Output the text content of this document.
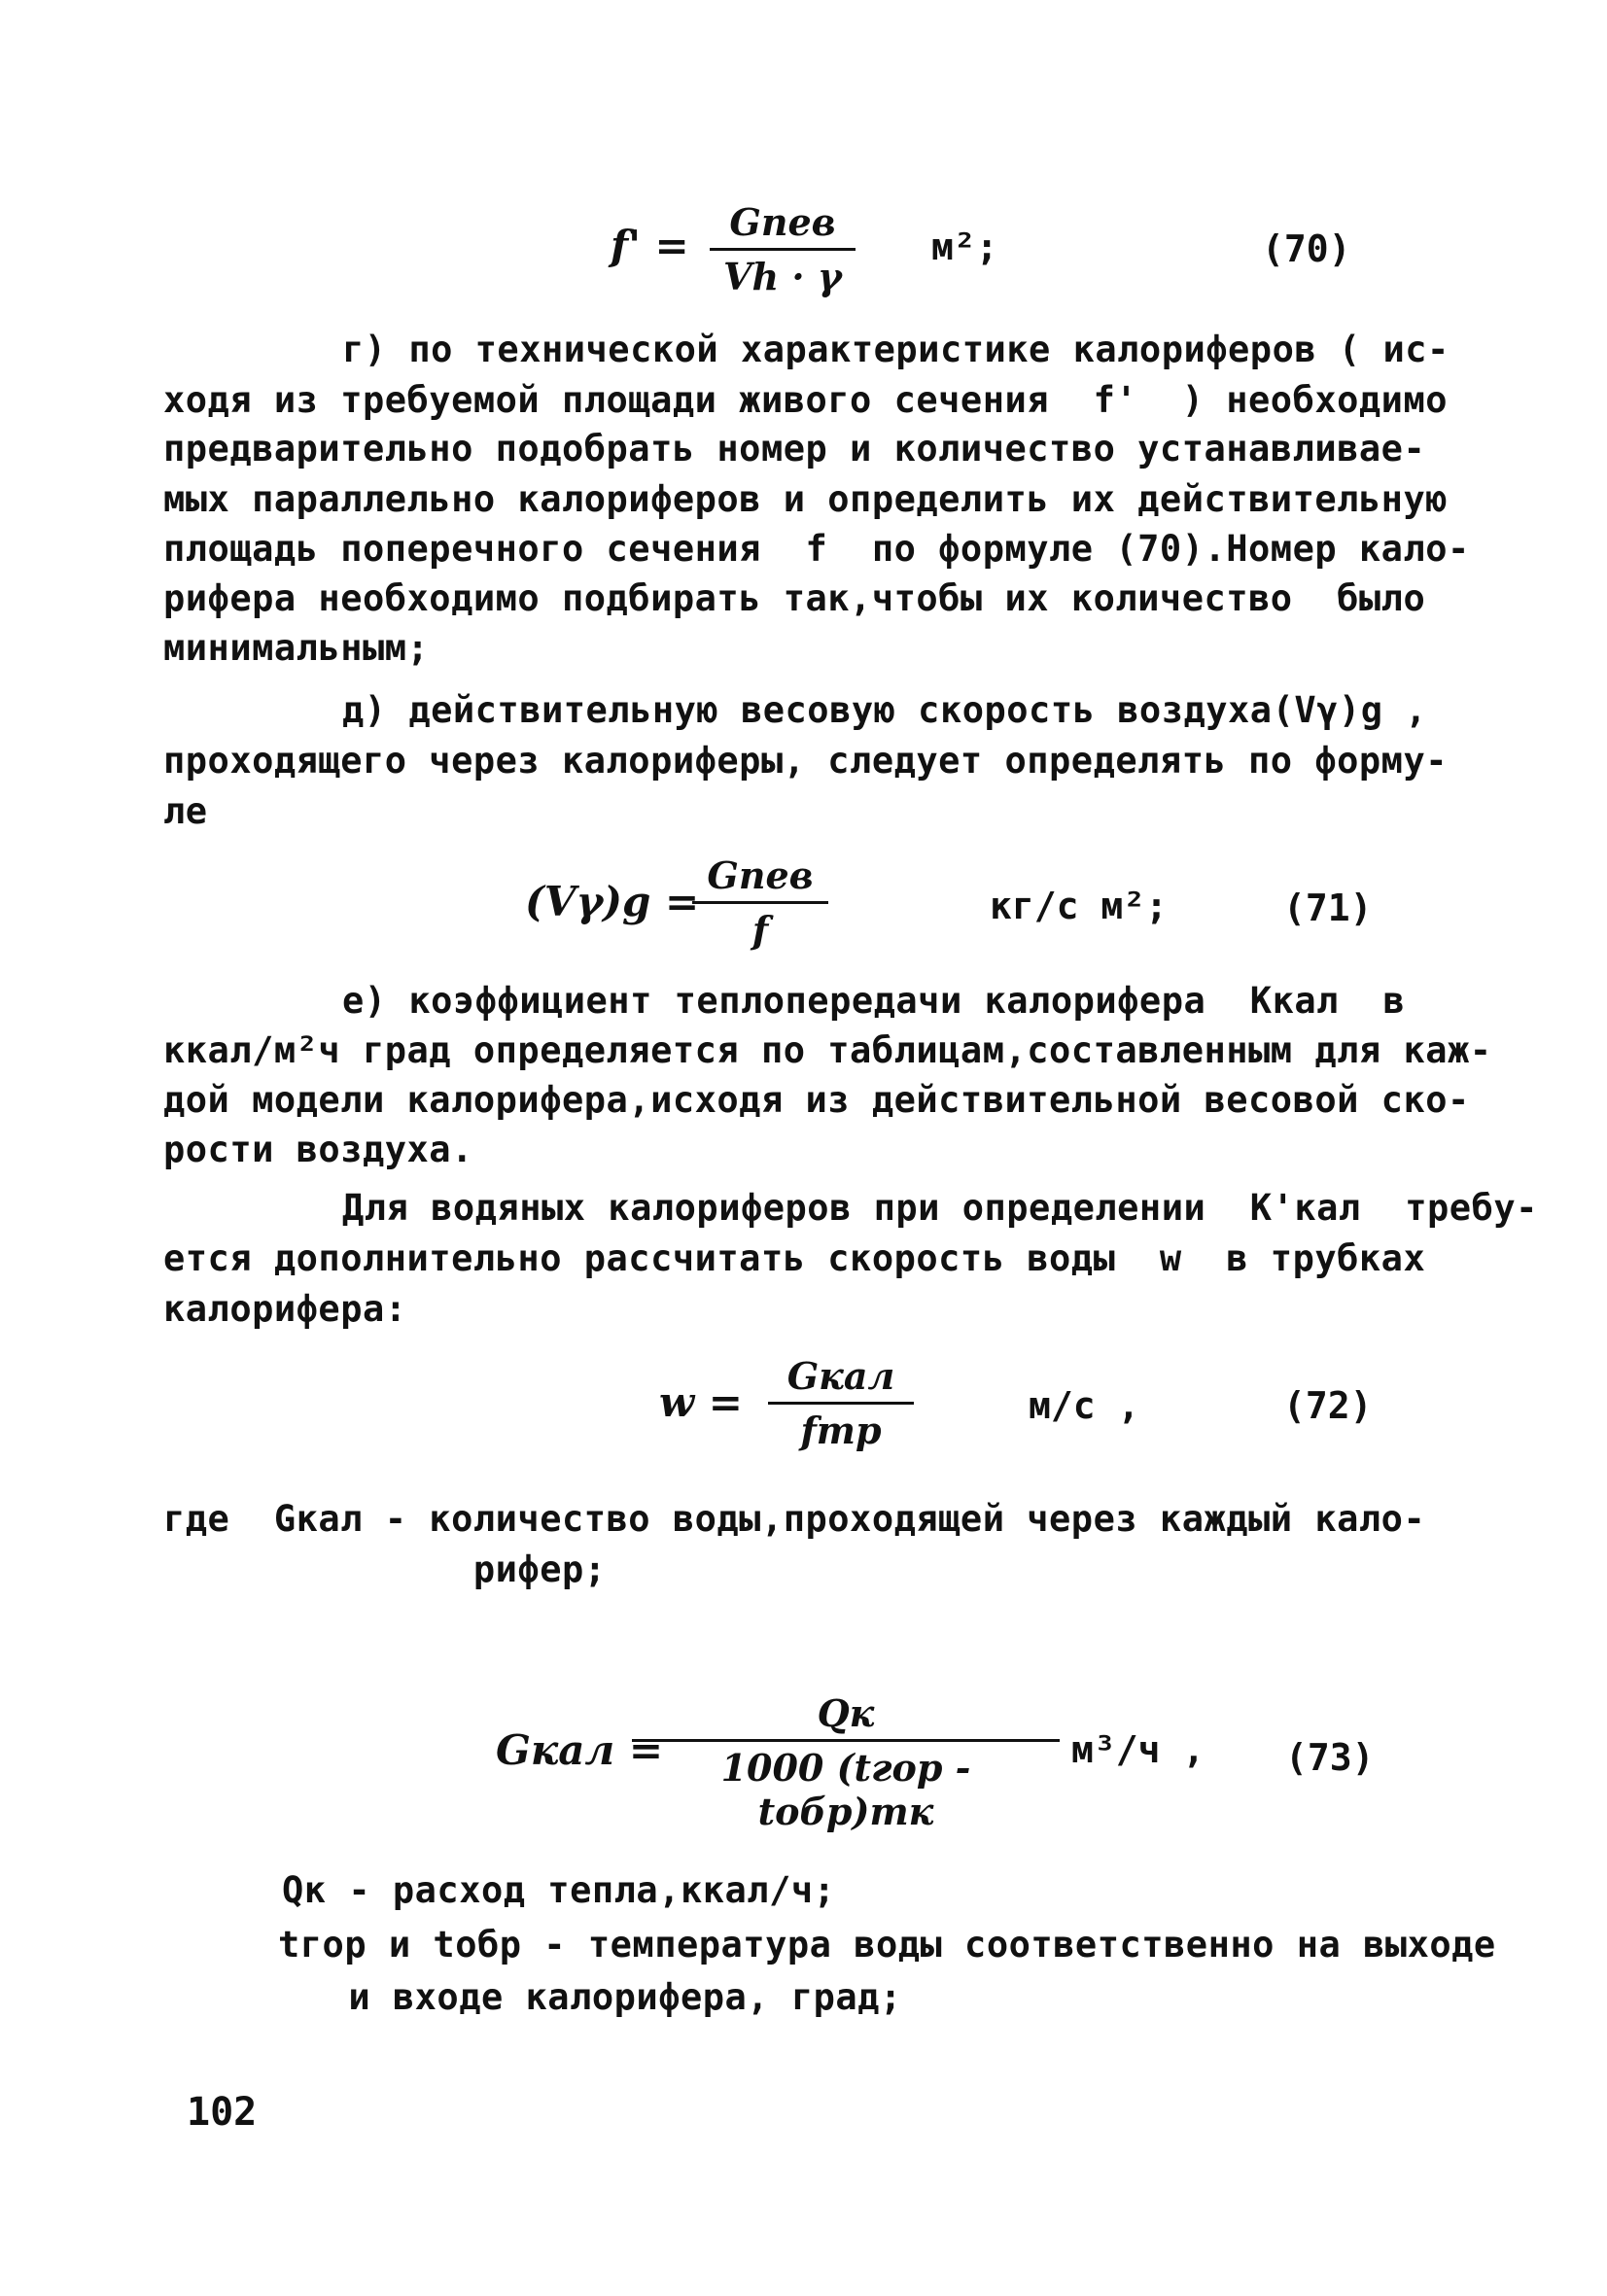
f' =	Gпев
Vh · γ
м²;	(70)
г) по технической характеристике калориферов ( ис-
ходя из требуемой площади живого сечения  f'  ) необходимо
предварительно подобрать номер и количество устанавливае-
мых параллельно калориферов и определить их действительную
площадь поперечного сечения  f  по формуле (70).Номер кало-
рифера необходимо подбирать так,чтобы их количество  было
минимальным;
д) действительную весовую скорость воздуха(Vγ)g ,
проходящего через калориферы, следует определять по форму-
ле
(Vγ)g =
Gпев
f
кг/с м²;	(71)
е) коэффициент теплопередачи калорифера  Kкал  в
ккал/м²ч град определяется по таблицам,составленным для каж-
дой модели калорифера,исходя из действительной весовой ско-
рости воздуха.
Для водяных калориферов при определении  K'кал  требу-
ется дополнительно рассчитать скорость воды  w  в трубках
калорифера:
w =
Gкал
fтр
м/с ,	(72)
где  Gкал - количество воды,проходящей через каждый кало-
рифер;
Gкал =
Qк
1000 (tгор - tобр)mк
м³/ч , (73)
Qк - расход тепла,ккал/ч;
tгор и tобр - температура воды соответственно на выходе
и входе калорифера, град;
102
